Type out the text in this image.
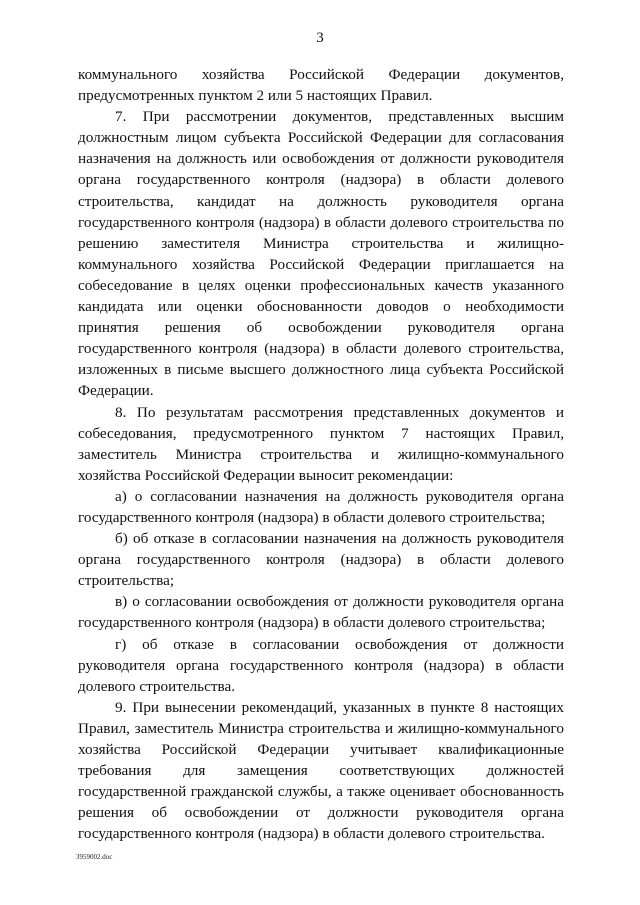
3

коммунального хозяйства Российской Федерации документов, предусмотренных пунктом 2 или 5 настоящих Правил.

7. При рассмотрении документов, представленных высшим должностным лицом субъекта Российской Федерации для согласования назначения на должность или освобождения от должности руководителя органа государственного контроля (надзора) в области долевого строительства, кандидат на должность руководителя органа государственного контроля (надзора) в области долевого строительства по решению заместителя Министра строительства и жилищно-коммунального хозяйства Российской Федерации приглашается на собеседование в целях оценки профессиональных качеств указанного кандидата или оценки обоснованности доводов о необходимости принятия решения об освобождении руководителя органа государственного контроля (надзора) в области долевого строительства, изложенных в письме высшего должностного лица субъекта Российской Федерации.

8. По результатам рассмотрения представленных документов и собеседования, предусмотренного пунктом 7 настоящих Правил, заместитель Министра строительства и жилищно-коммунального хозяйства Российской Федерации выносит рекомендации:

а) о согласовании назначения на должность руководителя органа государственного контроля (надзора) в области долевого строительства;

б) об отказе в согласовании назначения на должность руководителя органа государственного контроля (надзора) в области долевого строительства;

в) о согласовании освобождения от должности руководителя органа государственного контроля (надзора) в области долевого строительства;

г) об отказе в согласовании освобождения от должности руководителя органа государственного контроля (надзора) в области долевого строительства.

9. При вынесении рекомендаций, указанных в пункте 8 настоящих Правил, заместитель Министра строительства и жилищно-коммунального хозяйства Российской Федерации учитывает квалификационные требования для замещения соответствующих должностей государственной гражданской службы, а также оценивает обоснованность решения об освобождении от должности руководителя органа государственного контроля (надзора) в области долевого строительства.

3959002.doc
